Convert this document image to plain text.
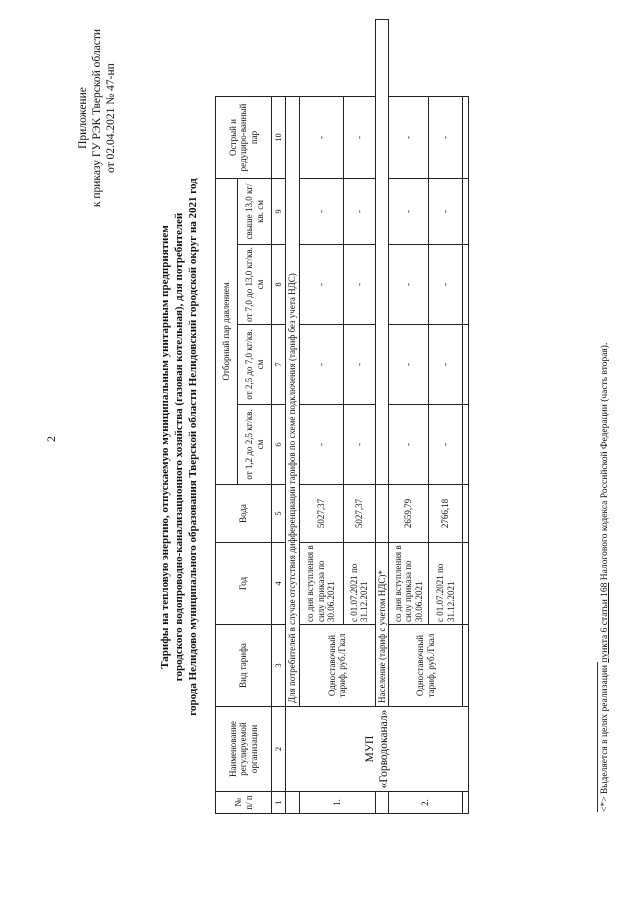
2
Приложение к приказу ГУ РЭК Тверской области от 02.04.2021 № 47-нп
Тарифы на тепловую энергию, отпускаемую муниципальным унитарным предприятием городского водопроводно-канализационного хозяйства (газовая котельная), для потребителей города Нелидово муниципального образования Тверской области Нелидовский городской округ на 2021 год
№ п/ п	Наименование регулируемой организации	Вид тарифа	Год	Вода	Отборный пар давлением				Острый и редуциро-ванный пар
					от 1,2 до 2,5 кг/кв. см	от 2,5 до 7,0 кг/кв. см	от 7,0 до 13,0 кг/кв. см	свыше 13,0 кг/кв. см	
1	2	3	4	5	6	7	8	9	10
	МУП «Горводоканал»	Для потребителей в случае отсутствия дифференциации тарифов по схеме подключения (тариф без учета НДС)							
1.		Одноставочный тариф, руб./Гкал	со дня вступления в силу приказа по 30.06.2021	5027,37	-	-	-	-	-
			с 01.07.2021 по 31.12.2021	5027,37	-	-	-	-	-
		Население (тариф с учетом НДС)*							
2.		Одноставочный тариф, руб./Гкал	со дня вступления в силу приказа по 30.06.2021	2659,79	-	-	-	-	-
			с 01.07.2021 по 31.12.2021	2766,18	-	-	-	-	-

<*> Выделяется в целях реализации пункта 6 статьи 168 Налогового кодекса Российской Федерации (часть вторая).
